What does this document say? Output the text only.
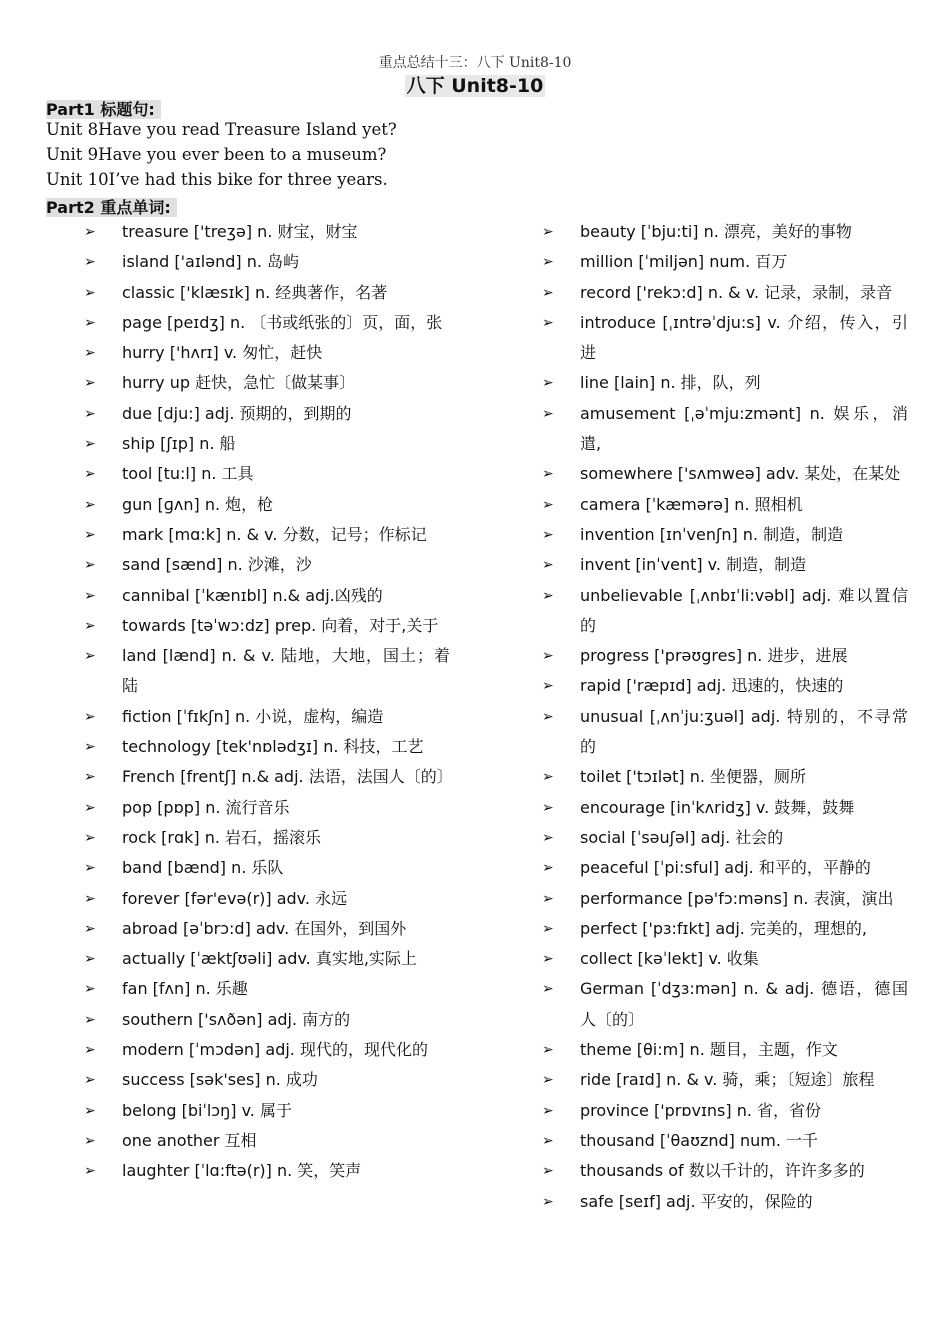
重点总结十三：八下 Unit8-10
八下 Unit8-10
Part1 标题句:
Unit 8Have you read Treasure Island yet?
Unit 9Have you ever been to a museum?
Unit 10I’ve had this bike for three years.
Part2 重点单词:
➢ treasure ['treʒə] n. 财宝，财宝
➢ island ['aɪlənd] n. 岛屿
➢ classic ['klæsɪk] n. 经典著作，名著
➢ page [peɪdʒ] n. 〔书或纸张的〕页，面，张
➢ hurry ['hʌrɪ] v. 匆忙，赶快
➢ hurry up 赶快，急忙〔做某事〕
➢ due [dju:] adj. 预期的，到期的
➢ ship [ʃɪp] n. 船
➢ tool [tu:l] n. 工具
➢ gun [ɡʌn] n. 炮，枪
➢ mark [mɑ:k] n. & v. 分数，记号；作标记
➢ sand [sænd] n. 沙滩，沙
➢ cannibal [ˈkænɪbl] n.& adj.凶残的
➢ towards [təˈwɔ:dz] prep. 向着，对于,关于
➢ land [lænd] n. & v. 陆地，大地，国土；着陆
➢ fiction [ˈfɪkʃn] n. 小说，虚构，编造
➢ technology [tek'nɒlədʒɪ] n. 科技，工艺
➢ French [frentʃ] n.& adj. 法语，法国人〔的〕
➢ pop [pɒp] n. 流行音乐
➢ rock [rɑk] n. 岩石，摇滚乐
➢ band [bænd] n. 乐队
➢ forever [fər'evə(r)] adv. 永远
➢ abroad [əˈbrɔ:d] adv. 在国外，到国外
➢ actually [ˈæktʃʊəli] adv. 真实地,实际上
➢ fan [fʌn] n. 乐趣
➢ southern ['sʌðən] adj. 南方的
➢ modern [ˈmɔdən] adj. 现代的，现代化的
➢ success [sək'ses] n. 成功
➢ belong [biˈlɔŋ] v. 属于
➢ one another 互相
➢ laughter [ˈlɑ:ftə(r)] n. 笑，笑声
➢ beauty [ˈbju:ti] n. 漂亮，美好的事物
➢ million [ˈmiljən] num. 百万
➢ record ['rekɔ:d] n. & v. 记录，录制，录音
➢ introduce [ˌɪntrəˈdju:s] v. 介绍，传入，引进
➢ line [lain] n. 排，队，列
➢ amusement [ˌəˈmju:zmənt] n. 娱乐，消遣,
➢ somewhere ['sʌmweə] adv. 某处，在某处
➢ camera [ˈkæmərə] n. 照相机
➢ invention [ɪnˈvenʃn] n. 制造，制造
➢ invent [inˈvent] v. 制造，制造
➢ unbelievable [ˌʌnbɪˈli:vəbl] adj. 难以置信的
➢ progress ['prəʊgres] n. 进步，进展
➢ rapid ['ræpɪd] adj. 迅速的，快速的
➢ unusual [ˌʌnˈju:ʒuəl] adj. 特别的，不寻常的
➢ toilet ['tɔɪlət] n. 坐便器，厕所
➢ encourage [inˈkʌridʒ] v. 鼓舞，鼓舞
➢ social [ˈsəuʃəl] adj. 社会的
➢ peaceful [ˈpi:sful] adj. 和平的，平静的
➢ performance [pə'fɔ:məns] n. 表演，演出
➢ perfect ['pɜ:fɪkt] adj. 完美的，理想的,
➢ collect [kəˈlekt] v. 收集
➢ German [ˈdʒɜ:mən] n. & adj. 德语，德国人〔的〕
➢ theme [θi:m] n. 题目，主题，作文
➢ ride [raɪd] n. & v. 骑，乘；〔短途〕旅程
➢ province ['prɒvɪns] n. 省，省份
➢ thousand [ˈθaʊznd] num. 一千
➢ thousands of 数以千计的，许许多多的
➢ safe [seɪf] adj. 平安的，保险的
